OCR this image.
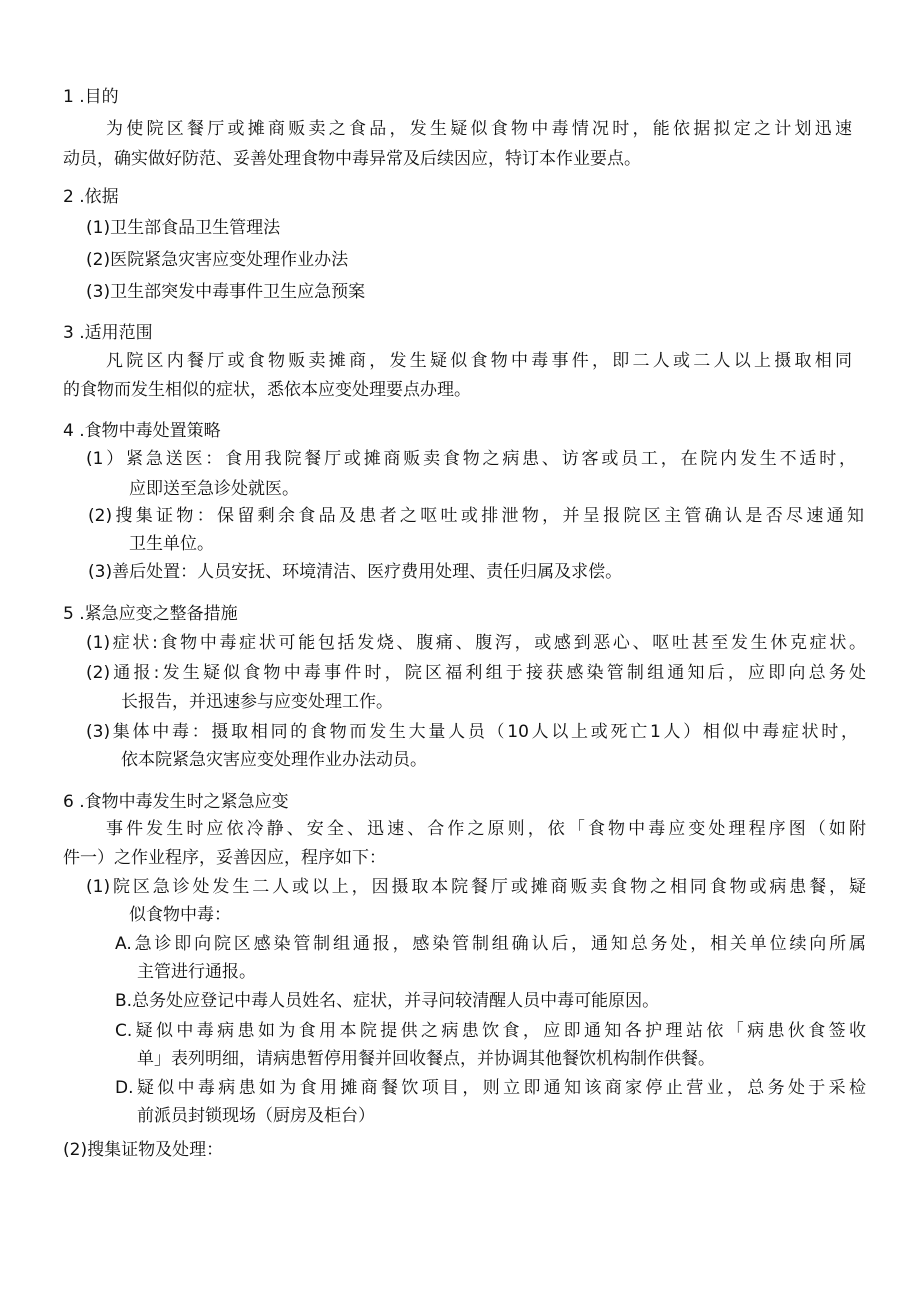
1 .目的
为使院区餐厅或摊商贩卖之食品，发生疑似食物中毒情况时，能依据拟定之计划迅速
动员，确实做好防范、妥善处理食物中毒异常及后续因应，特订本作业要点。
2 .依据
(1)卫生部食品卫生管理法
(2)医院紧急灾害应变处理作业办法
(3)卫生部突发中毒事件卫生应急预案
3 .适用范围
凡院区内餐厅或食物贩卖摊商，发生疑似食物中毒事件，即二人或二人以上摄取相同
的食物而发生相似的症状，悉依本应变处理要点办理。
4 .食物中毒处置策略
(1）紧急送医：食用我院餐厅或摊商贩卖食物之病患、访客或员工，在院内发生不适时，
应即送至急诊处就医。
(2)搜集证物：保留剩余食品及患者之呕吐或排泄物，并呈报院区主管确认是否尽速通知
卫生单位。
(3)善后处置：人员安抚、环境清洁、医疗费用处理、责任归属及求偿。
5 .紧急应变之整备措施
(1)症状:食物中毒症状可能包括发烧、腹痛、腹泻，或感到恶心、呕吐甚至发生休克症状。
(2)通报:发生疑似食物中毒事件时，院区福利组于接获感染管制组通知后，应即向总务处
长报告，并迅速参与应变处理工作。
(3)集体中毒：摄取相同的食物而发生大量人员（10人以上或死亡1人）相似中毒症状时，
依本院紧急灾害应变处理作业办法动员。
6 .食物中毒发生时之紧急应变
事件发生时应依冷静、安全、迅速、合作之原则，依「食物中毒应变处理程序图（如附
件一）之作业程序，妥善因应，程序如下：
(1)院区急诊处发生二人或以上，因摄取本院餐厅或摊商贩卖食物之相同食物或病患餐，疑
似食物中毒：
A.急诊即向院区感染管制组通报，感染管制组确认后，通知总务处，相关单位续向所属
主管进行通报。
B.总务处应登记中毒人员姓名、症状，并寻问较清醒人员中毒可能原因。
C.疑似中毒病患如为食用本院提供之病患饮食，应即通知各护理站依「病患伙食签收
单」表列明细，请病患暂停用餐并回收餐点，并协调其他餐饮机构制作供餐。
D.疑似中毒病患如为食用摊商餐饮项目，则立即通知该商家停止营业，总务处于采检
前派员封锁现场（厨房及柜台）
(2)搜集证物及处理：
